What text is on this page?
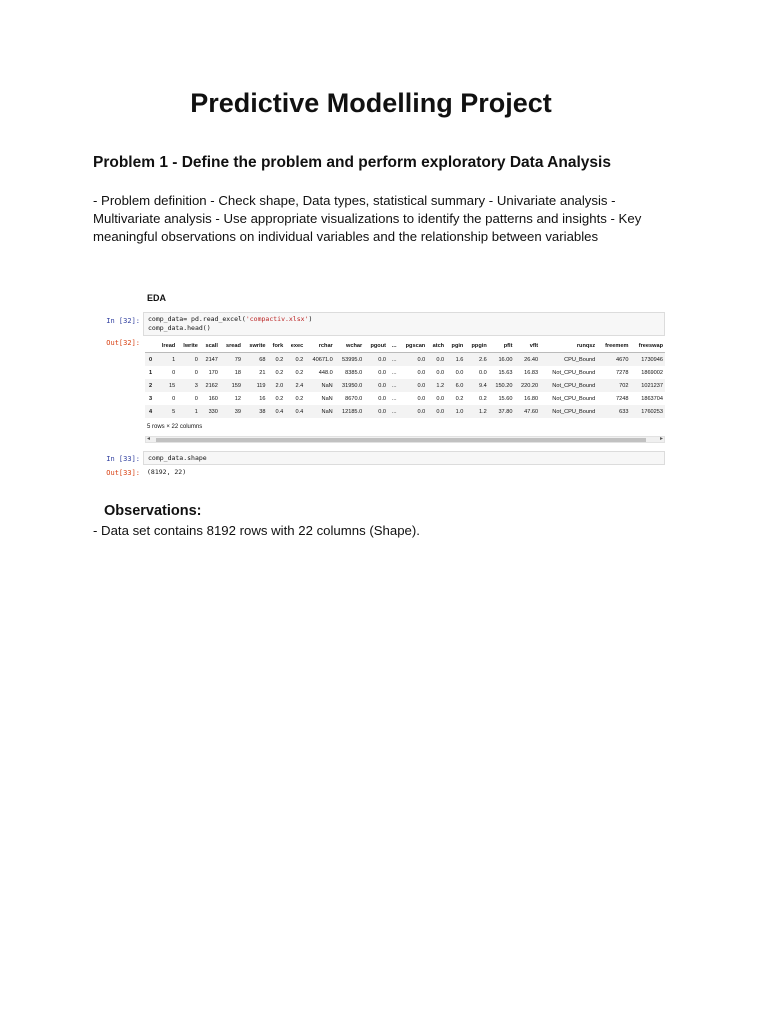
Predictive Modelling Project
Problem 1 - Define the problem and perform exploratory Data Analysis

- Problem definition - Check shape, Data types, statistical summary - Univariate analysis - Multivariate analysis - Use appropriate visualizations to identify the patterns and insights - Key meaningful observations on individual variables and the relationship between variables

EDA
In [32]: comp_data= pd.read_excel('compactiv.xlsx')
comp_data.head()
Out[32]:
		lread	lwrite	scall	sread	swrite	fork	exec	rchar	wchar	pgout	...	pgscan	atch	pgin	ppgin	pflt	vflt	runqsz	freemem	freeswap
0	1	0	2147	79	68	0.2	0.2	40671.0	53995.0	0.0	...	0.0	0.0	1.6	2.6	16.00	26.40	CPU_Bound	4670	1730946
1	0	0	170	18	21	0.2	0.2	448.0	8385.0	0.0	...	0.0	0.0	0.0	0.0	15.63	16.83	Not_CPU_Bound	7278	1869002
2	15	3	2162	159	119	2.0	2.4	NaN	31950.0	0.0	...	0.0	1.2	6.0	9.4	150.20	220.20	Not_CPU_Bound	702	1021237
3	0	0	160	12	16	0.2	0.2	NaN	8670.0	0.0	...	0.0	0.0	0.2	0.2	15.60	16.80	Not_CPU_Bound	7248	1863704
4	5	1	330	39	38	0.4	0.4	NaN	12185.0	0.0	...	0.0	0.0	1.0	1.2	37.80	47.60	Not_CPU_Bound	633	1760253
5 rows × 22 columns
◂	▸
In [33]: comp_data.shape
Out[33]: (8192, 22)
Observations:

- Data set contains 8192 rows with 22 columns (Shape).
